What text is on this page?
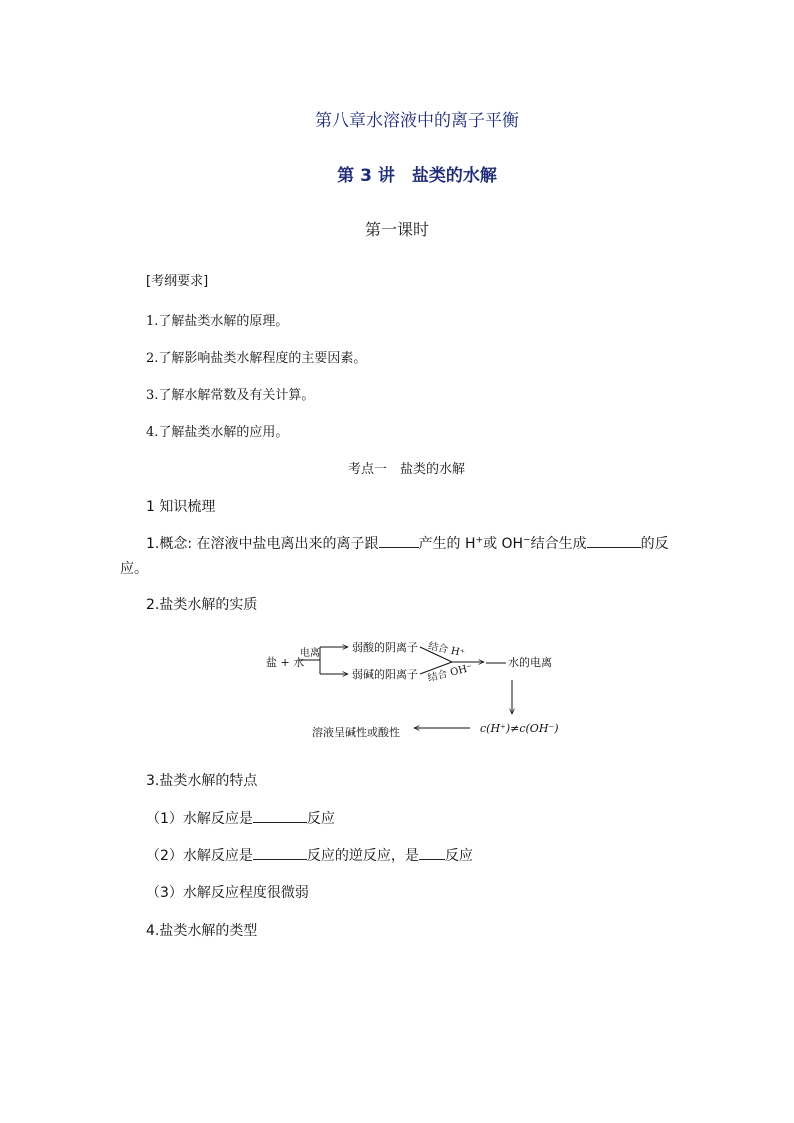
第八章水溶液中的离子平衡
第 3 讲　盐类的水解
第一课时
[考纲要求]
1.了解盐类水解的原理。
2.了解影响盐类水解程度的主要因素。
3.了解水解常数及有关计算。
4.了解盐类水解的应用。
考点一　盐类的水解
1 知识梳理
1.概念: 在溶液中盐电离出来的离子跟	产生的 H+或 OH−结合生成	的反
应。
2.盐类水解的实质
盐 + 水
电离	弱酸的阴离子
弱碱的阳离子
结合 H⁺
结合 OH⁻
水的电离
c(H⁺)≠c(OH⁻)
溶液呈碱性或酸性
3.盐类水解的特点
（1）水解反应是	反应
（2）水解反应是	反应的逆反应，是 反应
（3）水解反应程度很微弱
4.盐类水解的类型
